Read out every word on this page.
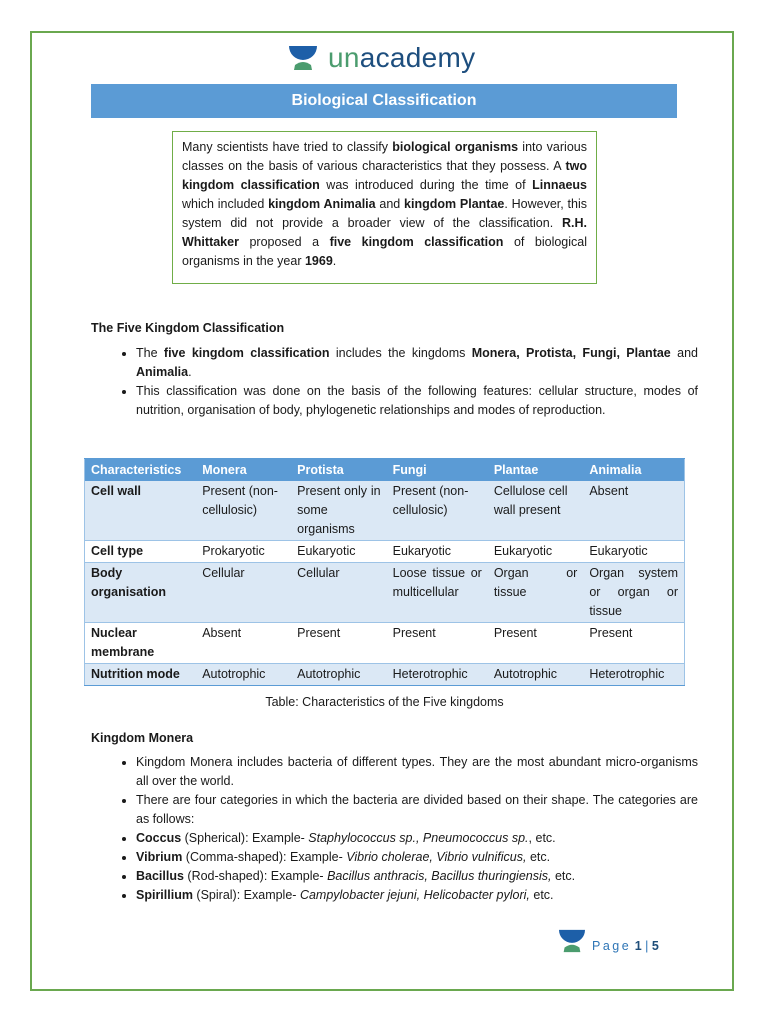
unacademy
Biological Classification
Many scientists have tried to classify biological organisms into various classes on the basis of various characteristics that they possess. A two kingdom classification was introduced during the time of Linnaeus which included kingdom Animalia and kingdom Plantae. However, this system did not provide a broader view of the classification. R.H. Whittaker proposed a five kingdom classification of biological organisms in the year 1969.
The Five Kingdom Classification
• The five kingdom classification includes the kingdoms Monera, Protista, Fungi, Plantae and Animalia.
• This classification was done on the basis of the following features: cellular structure, modes of nutrition, organisation of body, phylogenetic relationships and modes of reproduction.
Characteristics	Monera	Protista	Fungi	Plantae	Animalia
Cell wall	Present (non-cellulosic)	Present only in some organisms	Present (non-cellulosic)	Cellulose cell wall present	Absent
Cell type	Prokaryotic	Eukaryotic	Eukaryotic	Eukaryotic	Eukaryotic
Body organisation	Cellular	Cellular	Loose tissue or multicellular	Organ or tissue	Organ system or organ or tissue
Nuclear membrane	Absent	Present	Present	Present	Present
Nutrition mode	Autotrophic	Autotrophic	Heterotrophic	Autotrophic	Heterotrophic
Table: Characteristics of the Five kingdoms
Kingdom Monera
• Kingdom Monera includes bacteria of different types. They are the most abundant micro-organisms all over the world.
• There are four categories in which the bacteria are divided based on their shape. The categories are as follows:
• Coccus (Spherical): Example- Staphylococcus sp., Pneumococcus sp., etc.
• Vibrium (Comma-shaped): Example- Vibrio cholerae, Vibrio vulnificus, etc.
• Bacillus (Rod-shaped): Example- Bacillus anthracis, Bacillus thuringiensis, etc.
• Spirillium (Spiral): Example- Campylobacter jejuni, Helicobacter pylori, etc.
Page 1 | 5
